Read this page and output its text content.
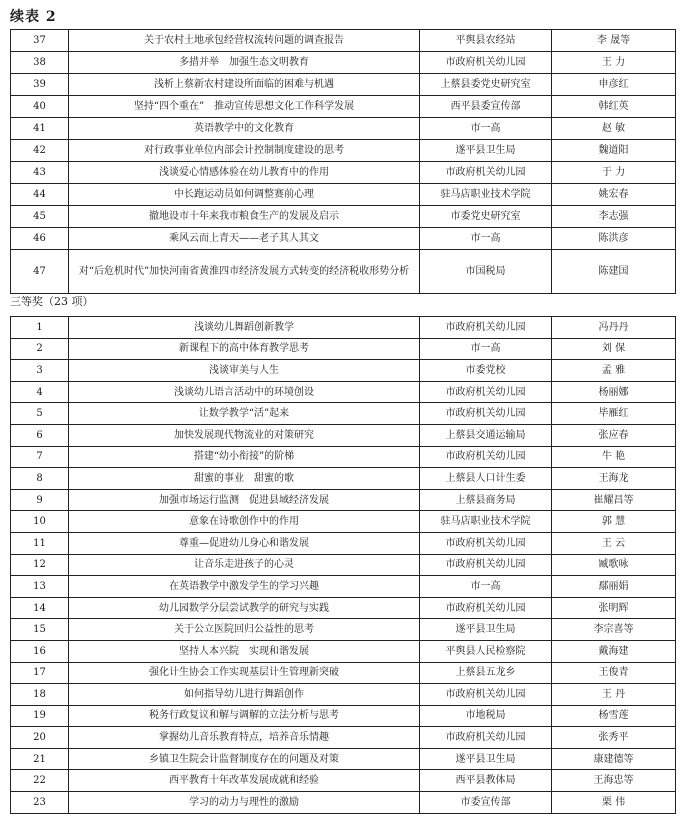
续表 2
37	关于农村土地承包经营权流转问题的调查报告	平舆县农经站	李 晟等
38	多措并举　加强生态文明教育	市政府机关幼儿园	王 力
39	浅析上蔡新农村建设所面临的困难与机遇	上蔡县委党史研究室	申彦红
40	坚持“四个重在”　推动宣传思想文化工作科学发展	西平县委宣传部	韩红英
41	英语教学中的文化教育	市一高	赵 敏
42	对行政事业单位内部会计控制制度建设的思考	遂平县卫生局	魏道阳
43	浅谈爱心情感体验在幼儿教育中的作用	市政府机关幼儿园	于 力
44	中长跑运动员如何调整赛前心理	驻马店职业技术学院	姚宏春
45	撤地设市十年来我市粮食生产的发展及启示	市委党史研究室	李志强
46	乘风云而上青天——老子其人其文	市一高	陈洪彦
47	对“后危机时代”加快河南省黄淮四市经济发展方式转变的经济税收形势分析	市国税局	陈建国
三等奖（23 项）
1	浅谈幼儿舞蹈创新教学	市政府机关幼儿园	冯丹丹
2	新课程下的高中体育教学思考	市一高	刘 保
3	浅谈审美与人生	市委党校	孟 雅
4	浅谈幼儿语言活动中的环境创设	市政府机关幼儿园	杨丽娜
5	让数学教学“活”起来	市政府机关幼儿园	毕雁红
6	加快发展现代物流业的对策研究	上蔡县交通运输局	张应春
7	搭建“幼小衔接”的阶梯	市政府机关幼儿园	牛 艳
8	甜蜜的事业　甜蜜的歌	上蔡县人口计生委	王海龙
9	加强市场运行监测　促进县域经济发展	上蔡县商务局	崔耀昌等
10	意象在诗歌创作中的作用	驻马店职业技术学院	郭 慧
11	尊重—促进幼儿身心和谐发展	市政府机关幼儿园	王 云
12	让音乐走进孩子的心灵	市政府机关幼儿园	臧歌咏
13	在英语教学中激发学生的学习兴趣	市一高	鄢丽娟
14	幼儿园数学分层尝试教学的研究与实践	市政府机关幼儿园	张明辉
15	关于公立医院回归公益性的思考	遂平县卫生局	李宗喜等
16	坚持人本兴院　实现和谐发展	平舆县人民检察院	戴海建
17	强化计生协会工作实现基层计生管理新突破	上蔡县五龙乡	王俊青
18	如何指导幼儿进行舞蹈创作	市政府机关幼儿园	王 丹
19	税务行政复议和解与调解的立法分析与思考	市地税局	杨雪莲
20	掌握幼儿音乐教育特点，培养音乐情趣	市政府机关幼儿园	张秀平
21	乡镇卫生院会计监督制度存在的问题及对策	遂平县卫生局	康建德等
22	西平教育十年改革发展成就和经验	西平县教体局	王海忠等
23	学习的动力与理性的激励	市委宣传部	栗 伟
